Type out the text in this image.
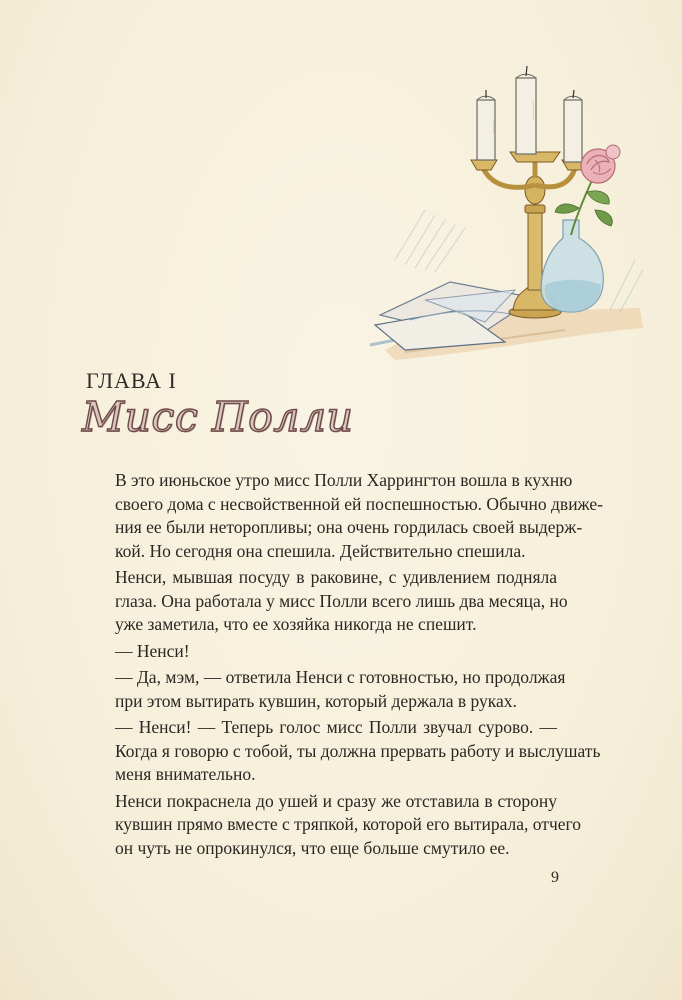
ГЛАВА I
Мисс Полли

В это июньское утро мисс Полли Харрингтон вошла в кухню
своего дома с несвойственной ей поспешностью. Обычно движе-
ния ее были неторопливы; она очень гордилась своей выдерж-
кой. Но сегодня она спешила. Действительно спешила.

Ненси, мывшая посуду в раковине, с удивлением подняла
глаза. Она работала у мисс Полли всего лишь два месяца, но
уже заметила, что ее хозяйка никогда не спешит.

— Ненси!

— Да, мэм, — ответила Ненси с готовностью, но продолжая
при этом вытирать кувшин, который держала в руках.

— Ненси! — Теперь голос мисс Полли звучал сурово. —
Когда я говорю с тобой, ты должна прервать работу и выслушать
меня внимательно.

Ненси покраснела до ушей и сразу же отставила в сторону
кувшин прямо вместе с тряпкой, которой его вытирала, отчего
он чуть не опрокинулся, что еще больше смутило ее.

9
